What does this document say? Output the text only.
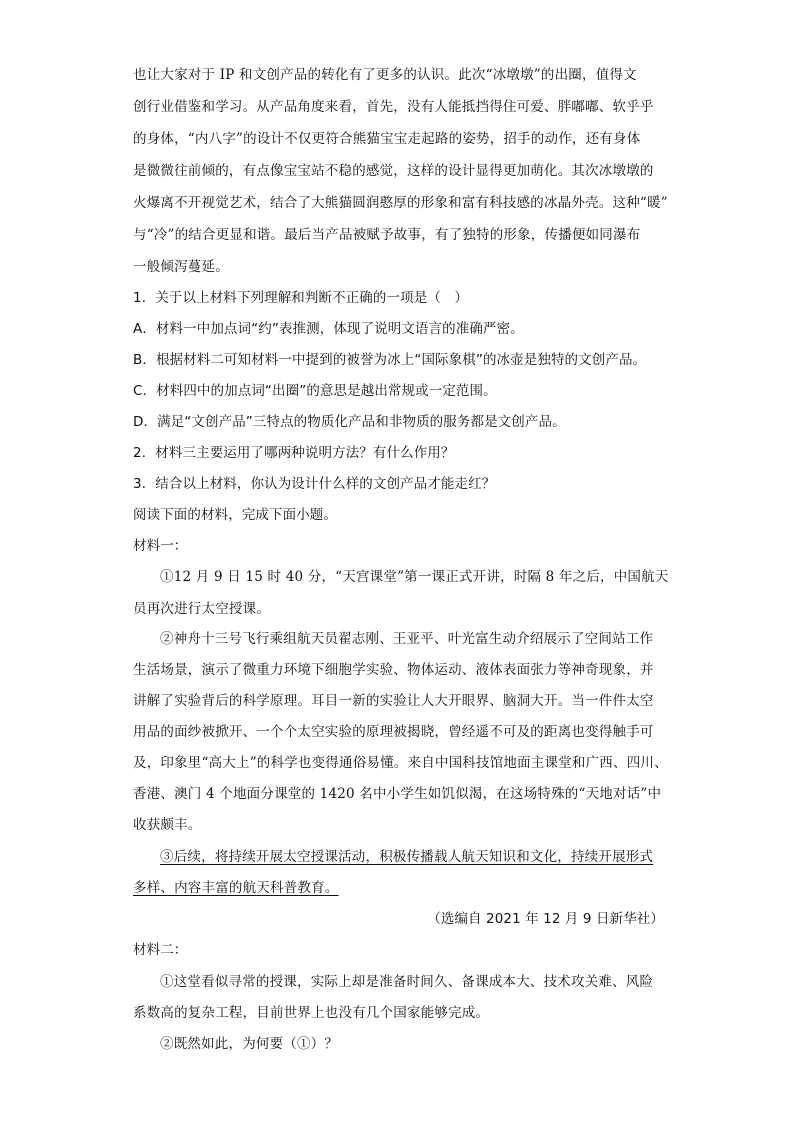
也让大家对于 IP 和文创产品的转化有了更多的认识。此次“冰墩墩”的出圈，值得文
创行业借鉴和学习。从产品角度来看，首先，没有人能抵挡得住可爱、胖嘟嘟、软乎乎
的身体，“内八字”的设计不仅更符合熊猫宝宝走起路的姿势，招手的动作，还有身体
是微微往前倾的，有点像宝宝站不稳的感觉，这样的设计显得更加萌化。其次冰墩墩的
火爆离不开视觉艺术，结合了大熊猫圆润憨厚的形象和富有科技感的冰晶外壳。这种“暖”
与“冷”的结合更显和谐。最后当产品被赋予故事，有了独特的形象，传播便如同瀑布
一般倾泻蔓延。
1．关于以上材料下列理解和判断不正确的一项是（　）
A．材料一中加点词“约”表推测，体现了说明文语言的准确严密。
B．根据材料二可知材料一中提到的被誉为冰上“国际象棋”的冰壶是独特的文创产品。
C．材料四中的加点词“出圈”的意思是越出常规或一定范围。
D．满足“文创产品”三特点的物质化产品和非物质的服务都是文创产品。
2．材料三主要运用了哪两种说明方法？有什么作用？
3．结合以上材料，你认为设计什么样的文创产品才能走红？
阅读下面的材料，完成下面小题。
材料一：
①12 月 9 日 15 时 40 分，“天宫课堂”第一课正式开讲，时隔 8 年之后，中国航天
员再次进行太空授课。
②神舟十三号飞行乘组航天员翟志刚、王亚平、叶光富生动介绍展示了空间站工作
生活场景，演示了微重力环境下细胞学实验、物体运动、液体表面张力等神奇现象，并
讲解了实验背后的科学原理。耳目一新的实验让人大开眼界、脑洞大开。当一件件太空
用品的面纱被掀开、一个个太空实验的原理被揭晓，曾经遥不可及的距离也变得触手可
及，印象里“高大上”的科学也变得通俗易懂。来自中国科技馆地面主课堂和广西、四川、
香港、澳门 4 个地面分课堂的 1420 名中小学生如饥似渴，在这场特殊的“天地对话”中
收获颇丰。
③后续，将持续开展太空授课活动，积极传播载人航天知识和文化，持续开展形式
多样、内容丰富的航天科普教育。
（选编自 2021 年 12 月 9 日新华社）
材料二：
①这堂看似寻常的授课，实际上却是准备时间久、备课成本大、技术攻关难、风险
系数高的复杂工程，目前世界上也没有几个国家能够完成。
②既然如此，为何要（①）？
